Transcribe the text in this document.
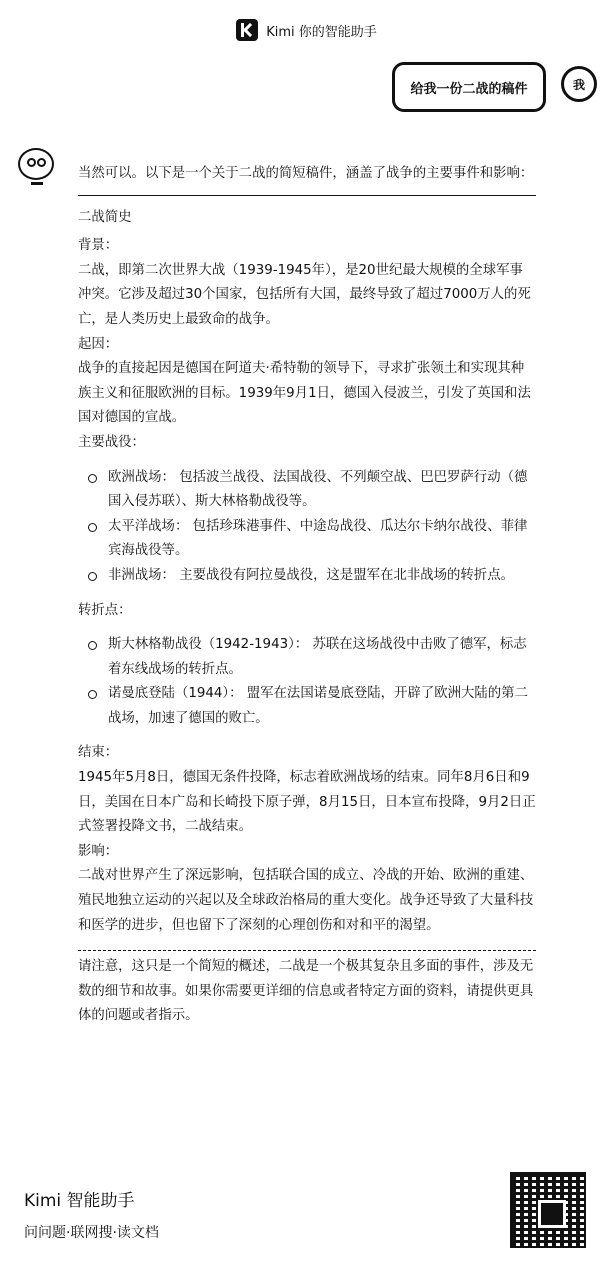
Kimi 你的智能助手
给我一份二战的稿件	我

当然可以。以下是一个关于二战的简短稿件，涵盖了战争的主要事件和影响：

二战简史

背景：

二战，即第二次世界大战（1939-1945年），是20世纪最大规模的全球军事冲突。它涉及超过30个国家，包括所有大国，最终导致了超过7000万人的死亡，是人类历史上最致命的战争。

起因：

战争的直接起因是德国在阿道夫·希特勒的领导下，寻求扩张领土和实现其种族主义和征服欧洲的目标。1939年9月1日，德国入侵波兰，引发了英国和法国对德国的宣战。

主要战役：

欧洲战场： 包括波兰战役、法国战役、不列颠空战、巴巴罗萨行动（德国入侵苏联）、斯大林格勒战役等。
太平洋战场： 包括珍珠港事件、中途岛战役、瓜达尔卡纳尔战役、菲律宾海战役等。
非洲战场： 主要战役有阿拉曼战役，这是盟军在北非战场的转折点。

转折点：

斯大林格勒战役（1942-1943）： 苏联在这场战役中击败了德军，标志着东线战场的转折点。
诺曼底登陆（1944）： 盟军在法国诺曼底登陆，开辟了欧洲大陆的第二战场，加速了德国的败亡。

结束：

1945年5月8日，德国无条件投降，标志着欧洲战场的结束。同年8月6日和9日，美国在日本广岛和长崎投下原子弹，8月15日，日本宣布投降，9月2日正式签署投降文书，二战结束。

影响：

二战对世界产生了深远影响，包括联合国的成立、冷战的开始、欧洲的重建、殖民地独立运动的兴起以及全球政治格局的重大变化。战争还导致了大量科技和医学的进步，但也留下了深刻的心理创伤和对和平的渴望。

请注意，这只是一个简短的概述，二战是一个极其复杂且多面的事件，涉及无数的细节和故事。如果你需要更详细的信息或者特定方面的资料，请提供更具体的问题或者指示。

Kimi 智能助手
问问题·联网搜·读文档
